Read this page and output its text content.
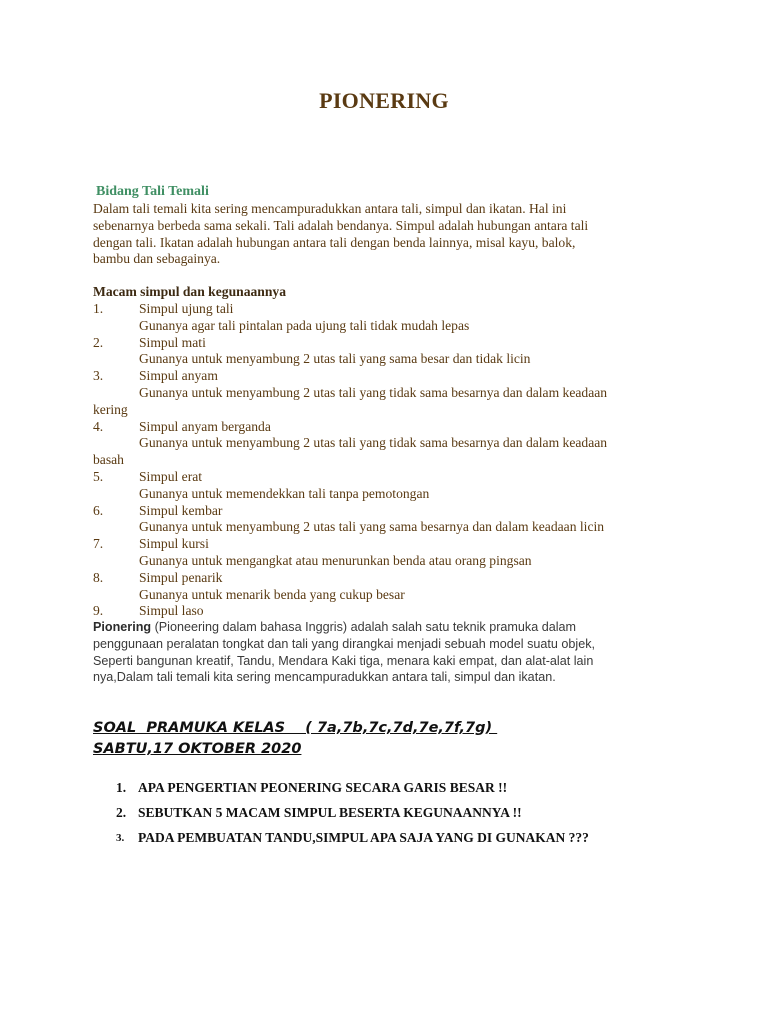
PIONERING
Bidang Tali Temali
Dalam tali temali kita sering mencampuradukkan antara tali, simpul dan ikatan. Hal ini
sebenarnya berbeda sama sekali. Tali adalah bendanya. Simpul adalah hubungan antara tali
dengan tali. Ikatan adalah hubungan antara tali dengan benda lainnya, misal kayu, balok,
bambu dan sebagainya.
Macam simpul dan kegunaannya
1.	Simpul ujung tali
Gunanya agar tali pintalan pada ujung tali tidak mudah lepas
2.	Simpul mati
Gunanya untuk menyambung 2 utas tali yang sama besar dan tidak licin
3.	Simpul anyam
Gunanya untuk menyambung 2 utas tali yang tidak sama besarnya dan dalam keadaan
kering
4.	Simpul anyam berganda
Gunanya untuk menyambung 2 utas tali yang tidak sama besarnya dan dalam keadaan
basah
5.	Simpul erat
Gunanya untuk memendekkan tali tanpa pemotongan
6.	Simpul kembar
Gunanya untuk menyambung 2 utas tali yang sama besarnya dan dalam keadaan licin
7.	Simpul kursi
Gunanya untuk mengangkat atau menurunkan benda atau orang pingsan
8.	Simpul penarik
Gunanya untuk menarik benda yang cukup besar
9.	Simpul laso
Pionering (Pioneering dalam bahasa Inggris) adalah salah satu teknik pramuka dalam
penggunaan peralatan tongkat dan tali yang dirangkai menjadi sebuah model suatu objek,
Seperti bangunan kreatif, Tandu, Mendara Kaki tiga, menara kaki empat, dan alat-alat lain
nya,Dalam tali temali kita sering mencampuradukkan antara tali, simpul dan ikatan.
SOAL  PRAMUKA KELAS    ( 7a,7b,7c,7d,7e,7f,7g)
SABTU,17 OKTOBER 2020
1. APA PENGERTIAN PEONERING SECARA GARIS BESAR !!
2. SEBUTKAN 5 MACAM SIMPUL BESERTA KEGUNAANNYA !!
3. PADA PEMBUATAN TANDU,SIMPUL APA SAJA YANG DI GUNAKAN ???
